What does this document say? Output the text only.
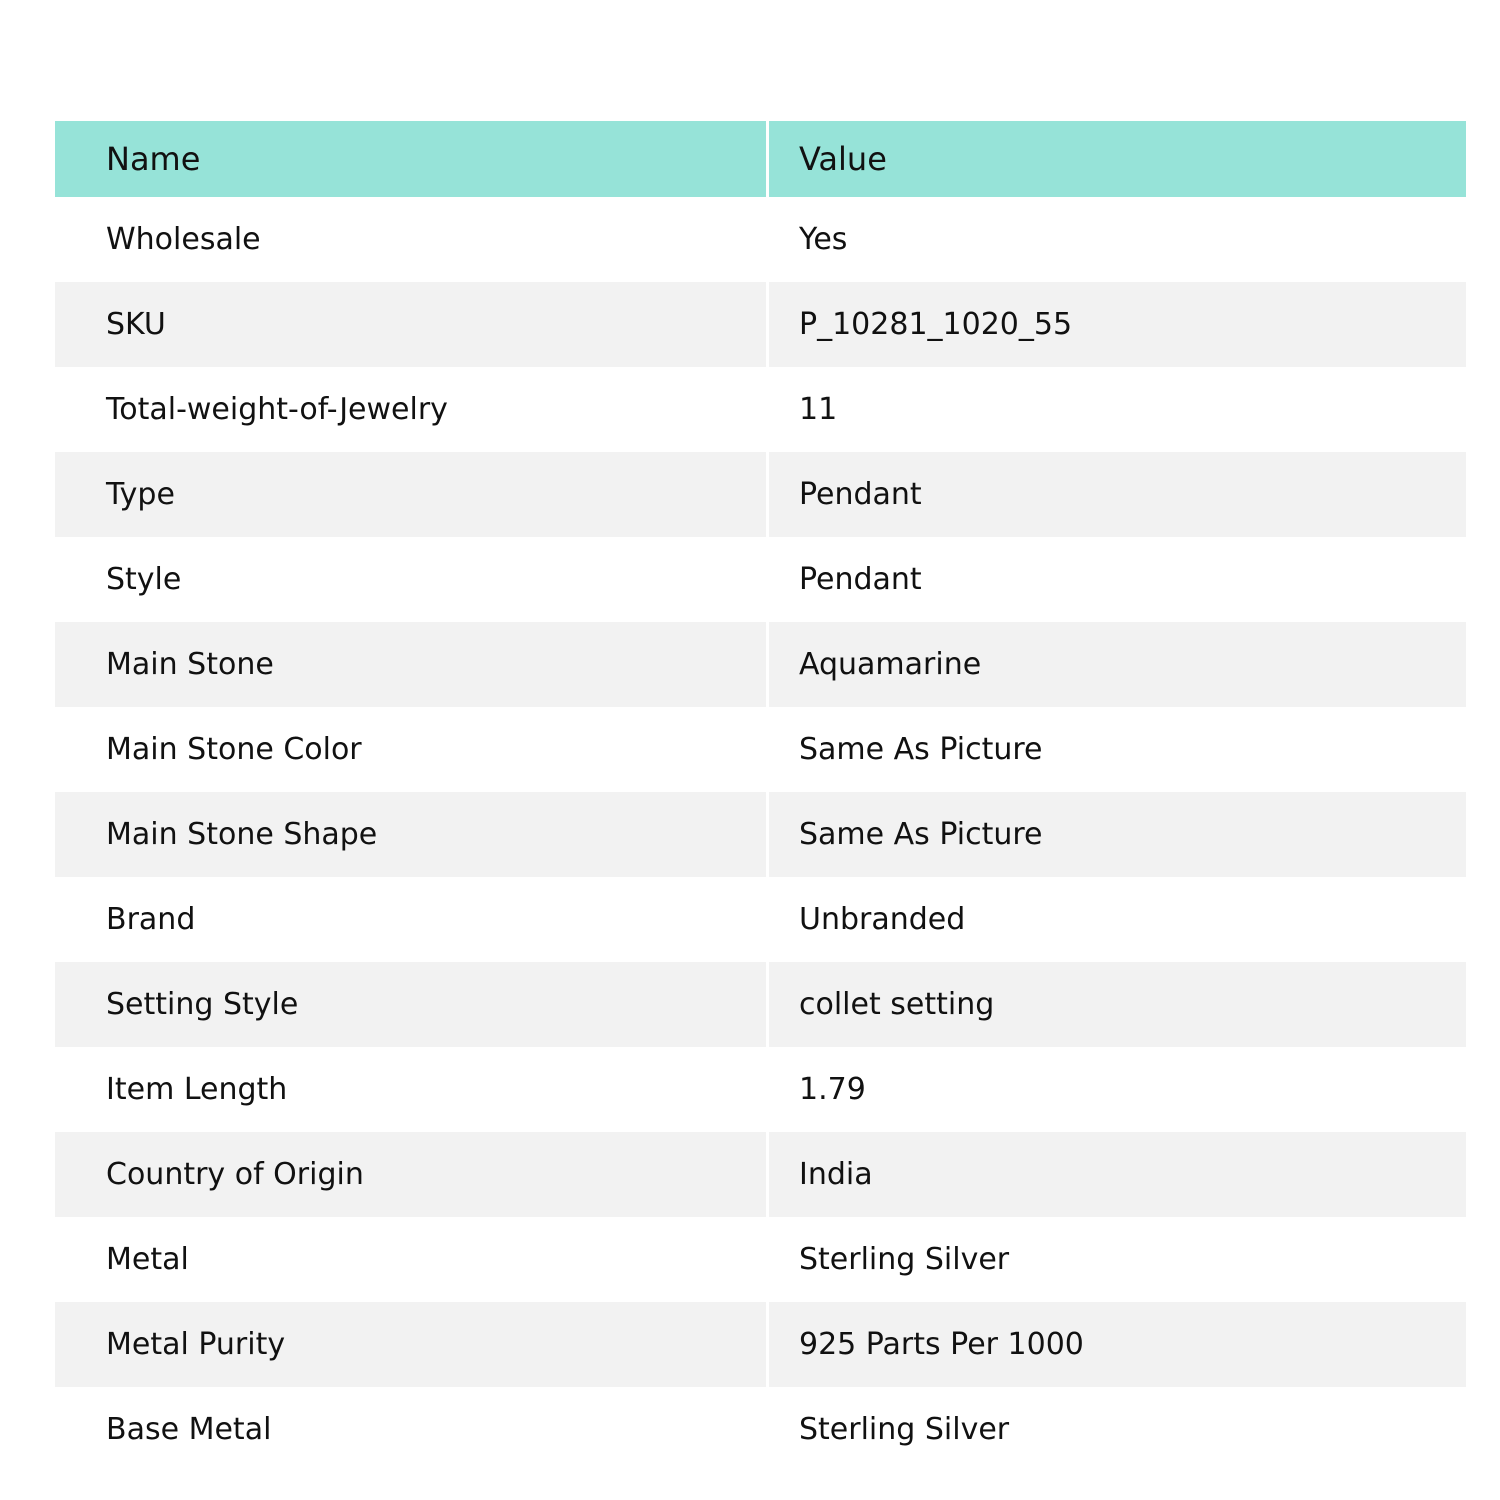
Name	Value
Wholesale	Yes
SKU	P_10281_1020_55
Total-weight-of-Jewelry	11
Type	Pendant
Style	Pendant
Main Stone	Aquamarine
Main Stone Color	Same As Picture
Main Stone Shape	Same As Picture
Brand	Unbranded
Setting Style	collet setting
Item Length	1.79
Country of Origin	India
Metal	Sterling Silver
Metal Purity	925 Parts Per 1000
Base Metal	Sterling Silver
